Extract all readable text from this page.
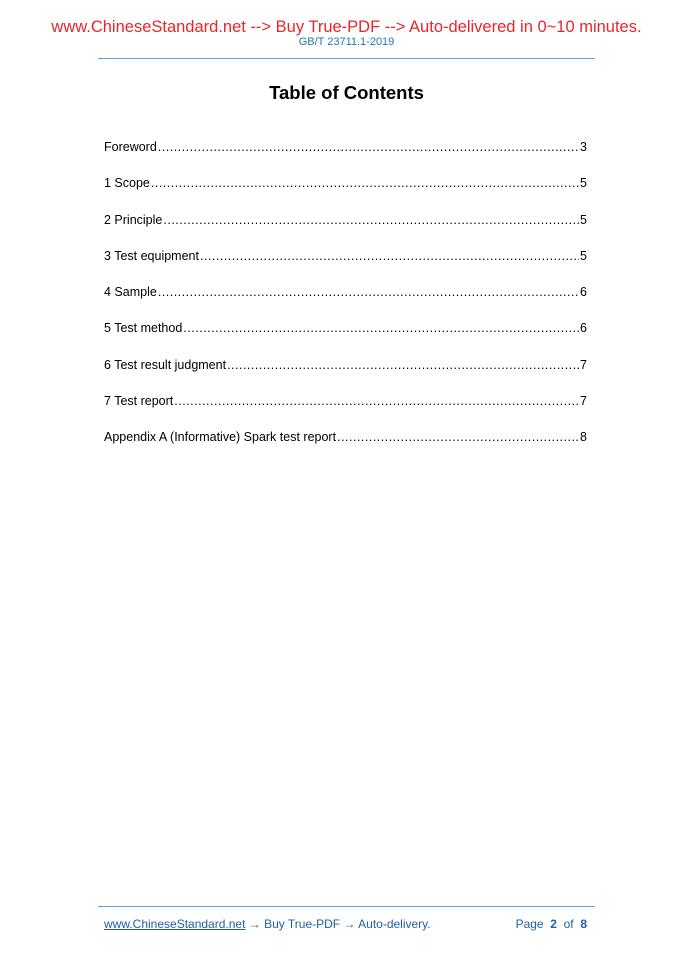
www.ChineseStandard.net --> Buy True-PDF --> Auto-delivered in 0~10 minutes.
GB/T 23711.1-2019
Table of Contents
Foreword .....	3
1 Scope .....	5
2 Principle .....	5
3 Test equipment .....	5
4 Sample .....	6
5 Test method .....	6
6 Test result judgment .....	7
7 Test report .....	7
Appendix A (Informative) Spark test report .....	8
www.ChineseStandard.net → Buy True-PDF → Auto-delivery.	Page 2 of 8
